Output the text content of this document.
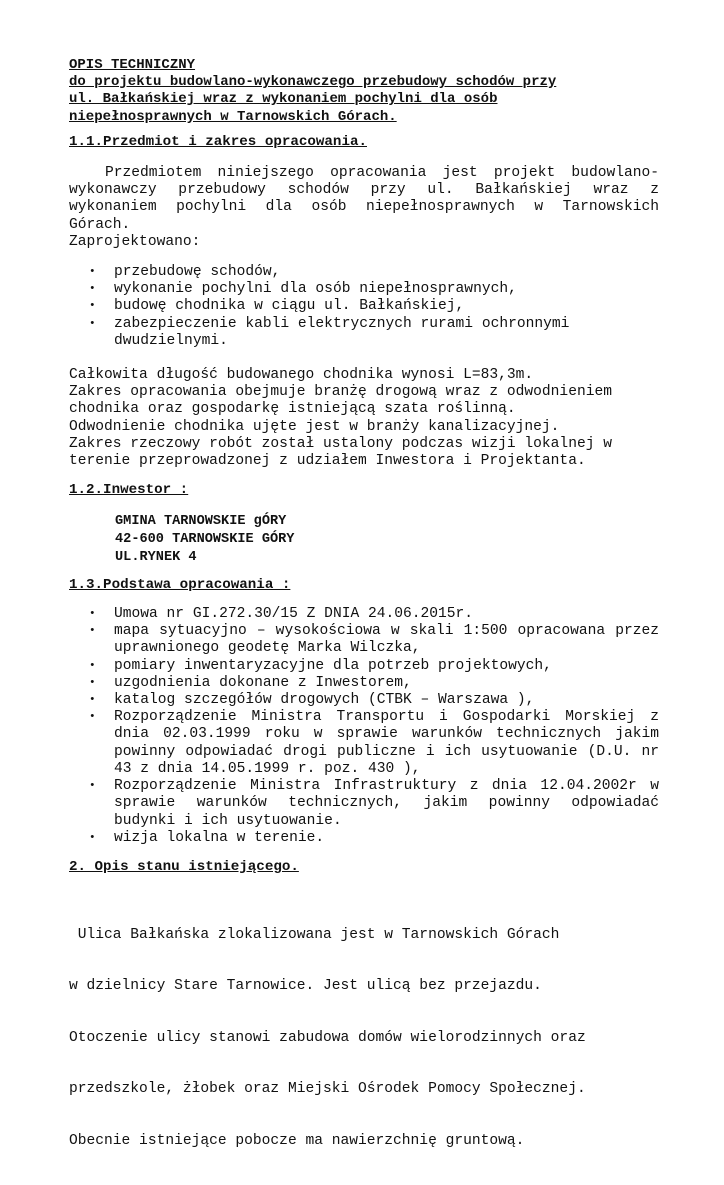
OPIS TECHNICZNY

do projektu budowlano-wykonawczego przebudowy schodów przy

ul. Bałkańskiej wraz z wykonaniem pochylni dla osób

niepełnosprawnych w Tarnowskich Górach.

1.1.Przedmiot i zakres opracowania.

Przedmiotem niniejszego opracowania jest projekt budowlano-wykonawczy przebudowy schodów przy ul. Bałkańskiej wraz z wykonaniem pochylni dla osób niepełnosprawnych w Tarnowskich Górach.

Zaprojektowano:

• przebudowę schodów,
• wykonanie pochylni dla osób niepełnosprawnych,
• budowę chodnika w ciągu ul. Bałkańskiej,
• zabezpieczenie kabli elektrycznych rurami ochronnymi dwudzielnymi.

Całkowita długość budowanego chodnika wynosi L=83,3m.

Zakres opracowania obejmuje branżę drogową wraz z odwodnieniem chodnika oraz gospodarkę istniejącą szata roślinną.

Odwodnienie chodnika ujęte jest w branży kanalizacyjnej.

Zakres rzeczowy robót został ustalony podczas wizji lokalnej w terenie przeprowadzonej z udziałem Inwestora i Projektanta.

1.2.Inwestor :

GMINA TARNOWSKIE gÓRY

42-600 TARNOWSKIE GÓRY

UL.RYNEK 4

1.3.Podstawa opracowania :

• Umowa nr GI.272.30/15 Z DNIA 24.06.2015r.
• mapa sytuacyjno – wysokościowa w skali 1:500 opracowana przez uprawnionego geodetę Marka Wilczka,
• pomiary inwentaryzacyjne dla potrzeb projektowych,
• uzgodnienia dokonane z Inwestorem,
• katalog szczegółów drogowych (CTBK – Warszawa ),
• Rozporządzenie Ministra Transportu i Gospodarki Morskiej z dnia 02.03.1999 roku w sprawie warunków technicznych jakim powinny odpowiadać drogi publiczne i ich usytuowanie (D.U. nr 43 z dnia 14.05.1999 r. poz. 430 ),
• Rozporządzenie Ministra Infrastruktury z dnia 12.04.2002r w sprawie warunków technicznych, jakim powinny odpowiadać budynki i ich usytuowanie.
• wizja lokalna w terenie.

2. Opis stanu istniejącego.

Ulica Bałkańska zlokalizowana jest w Tarnowskich Górach

w dzielnicy Stare Tarnowice. Jest ulicą bez przejazdu.

Otoczenie ulicy stanowi zabudowa domów wielorodzinnych oraz

przedszkole, żłobek oraz Miejski Ośrodek Pomocy Społecznej.

Obecnie istniejące pobocze ma nawierzchnię gruntową.
